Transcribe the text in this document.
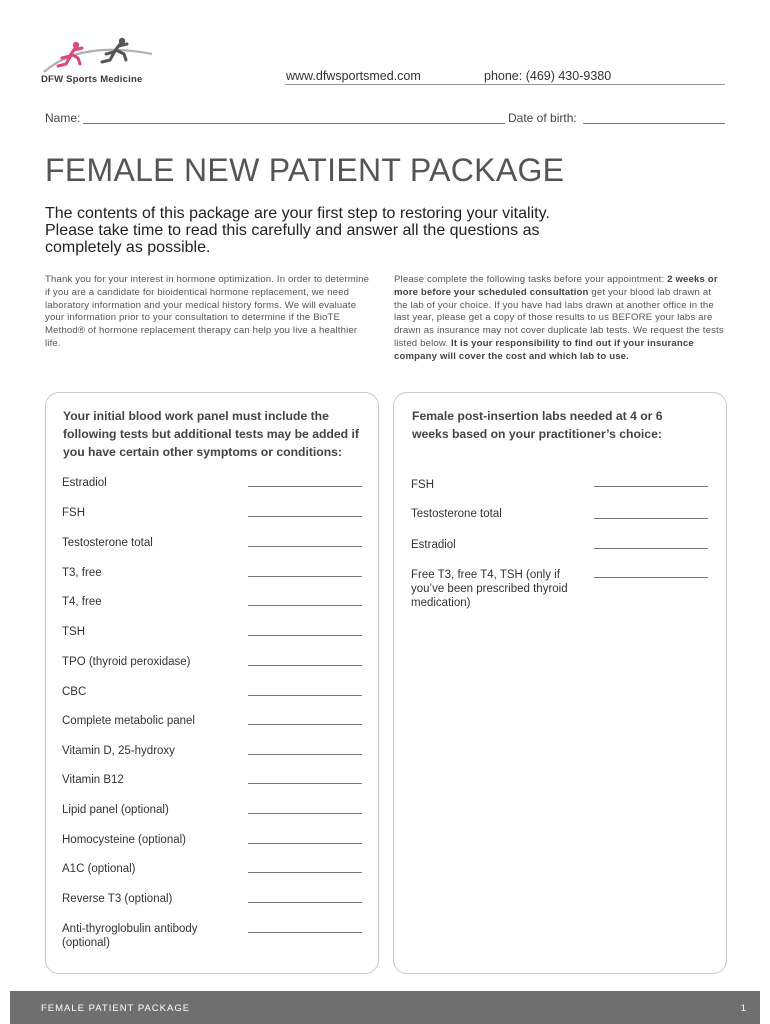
DFW Sports Medicine	www.dfwsportsmed.com	phone: (469) 430-9380
Name:	Date of birth:
FEMALE NEW PATIENT PACKAGE
The contents of this package are your first step to restoring your vitality. Please take time to read this carefully and answer all the questions as completely as possible.
Thank you for your interest in hormone optimization. In order to determine if you are a candidate for bioidentical hormone replacement, we need laboratory information and your medical history forms. We will evaluate your information prior to your consultation to determine if the BioTE Method® of hormone replacement therapy can help you live a healthier life.
Please complete the following tasks before your appointment: 2 weeks or more before your scheduled consultation get your blood lab drawn at the lab of your choice. If you have had labs drawn at another office in the last year, please get a copy of those results to us BEFORE your labs are drawn as insurance may not cover duplicate lab tests. We request the tests listed below. It is your responsibility to find out if your insurance company will cover the cost and which lab to use.
Your initial blood work panel must include the following tests but additional tests may be added if you have certain other symptoms or conditions:
Estradiol
FSH
Testosterone total
T3, free
T4, free
TSH
TPO (thyroid peroxidase)
CBC
Complete metabolic panel
Vitamin D, 25-hydroxy
Vitamin B12
Lipid panel (optional)
Homocysteine (optional)
A1C (optional)
Reverse T3 (optional)
Anti-thyroglobulin antibody (optional)
Female post-insertion labs needed at 4 or 6 weeks based on your practitioner’s choice:
FSH
Testosterone total
Estradiol
Free T3, free T4, TSH (only if you’ve been prescribed thyroid medication)
FEMALE PATIENT PACKAGE	1
